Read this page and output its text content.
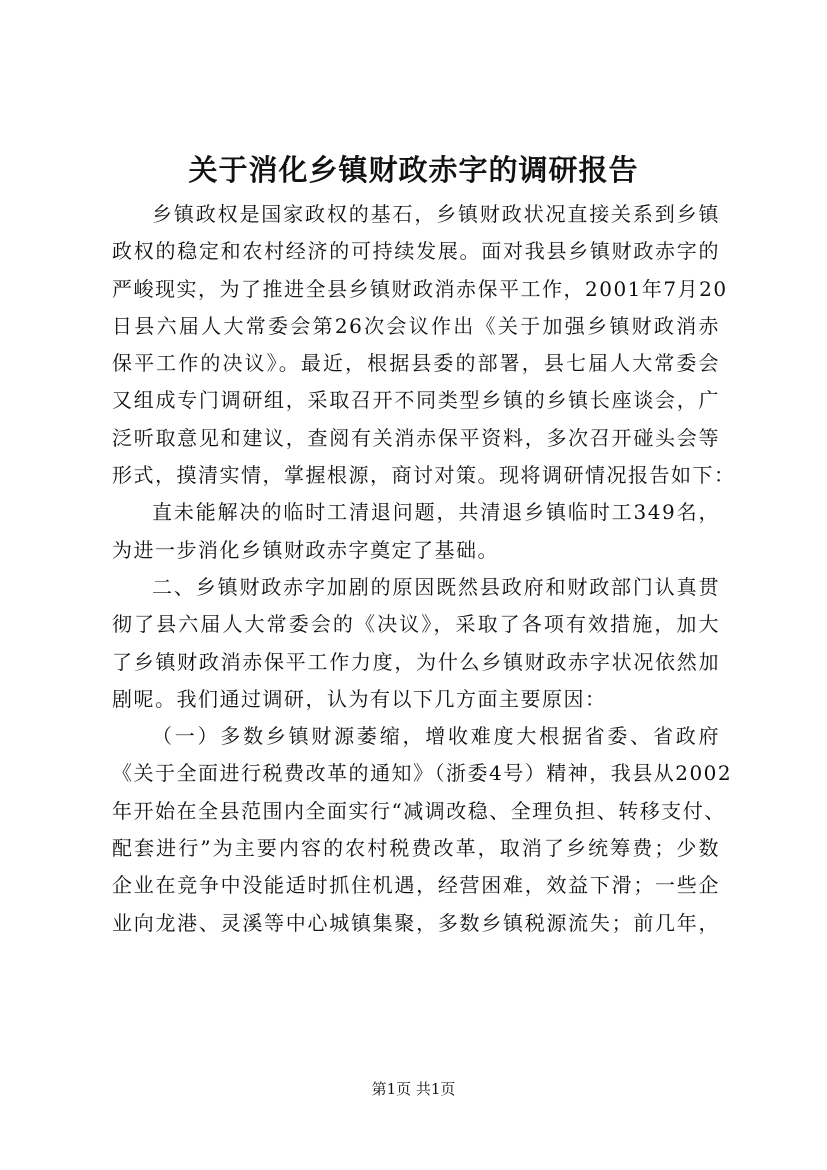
关于消化乡镇财政赤字的调研报告
乡镇政权是国家政权的基石，乡镇财政状况直接关系到乡镇
政权的稳定和农村经济的可持续发展。面对我县乡镇财政赤字的
严峻现实，为了推进全县乡镇财政消赤保平工作，2001年7月20
日县六届人大常委会第26次会议作出《关于加强乡镇财政消赤
保平工作的决议》。最近，根据县委的部署，县七届人大常委会
又组成专门调研组，采取召开不同类型乡镇的乡镇长座谈会，广
泛听取意见和建议，查阅有关消赤保平资料，多次召开碰头会等
形式，摸清实情，掌握根源，商讨对策。现将调研情况报告如下：
直未能解决的临时工清退问题，共清退乡镇临时工349名，
为进一步消化乡镇财政赤字奠定了基础。
二、乡镇财政赤字加剧的原因既然县政府和财政部门认真贯
彻了县六届人大常委会的《决议》，采取了各项有效措施，加大
了乡镇财政消赤保平工作力度，为什么乡镇财政赤字状况依然加
剧呢。我们通过调研，认为有以下几方面主要原因：
（一）多数乡镇财源萎缩，增收难度大根据省委、省政府
《关于全面进行税费改革的通知》（浙委4号）精神，我县从2002
年开始在全县范围内全面实行“减调改稳、全理负担、转移支付、
配套进行”为主要内容的农村税费改革，取消了乡统筹费；少数
企业在竞争中没能适时抓住机遇，经营困难，效益下滑；一些企
业向龙港、灵溪等中心城镇集聚，多数乡镇税源流失；前几年，
第1页 共1页
